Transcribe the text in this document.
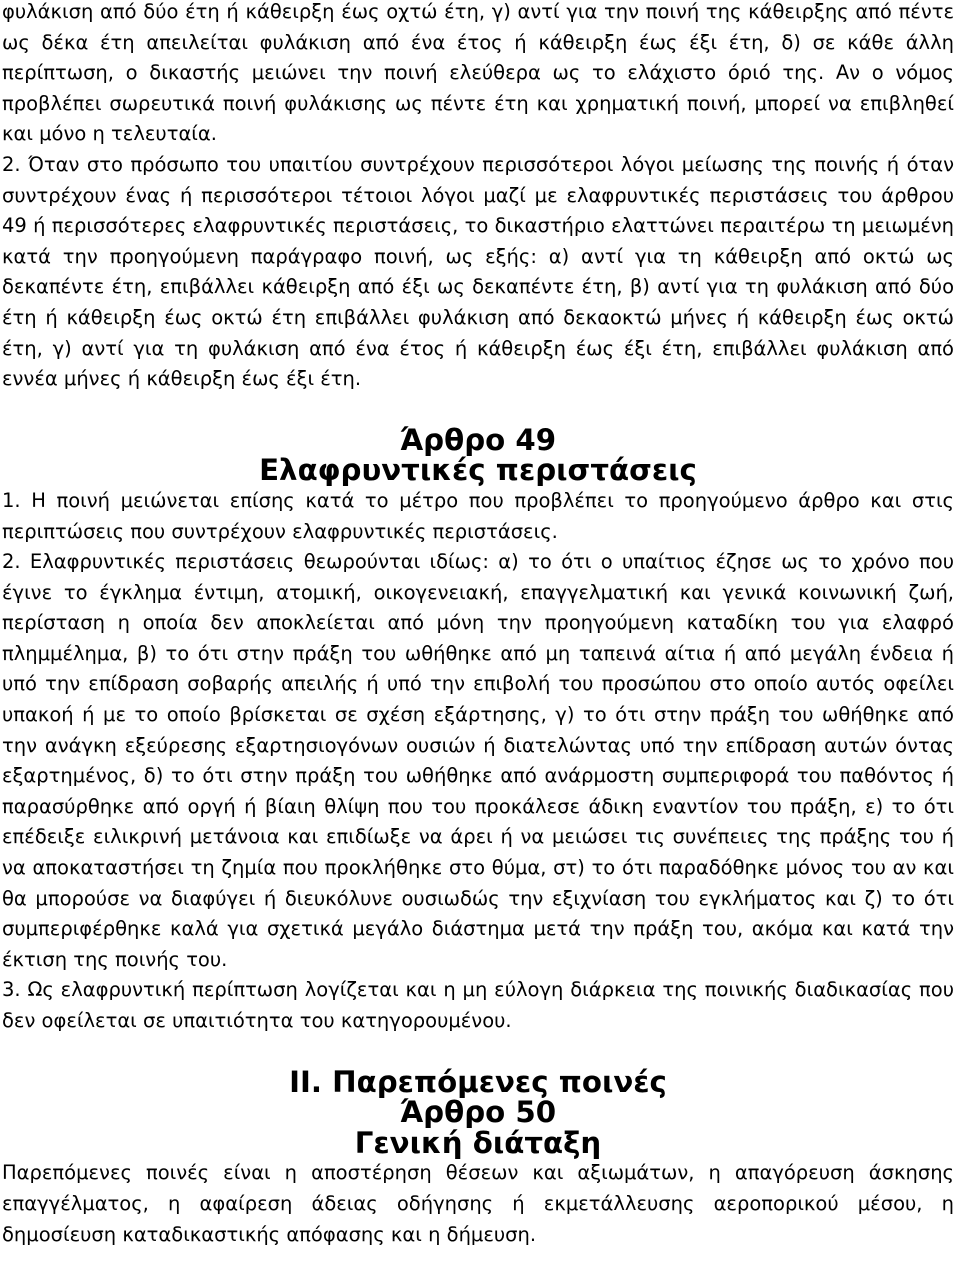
φυλάκιση από δύο έτη ή κάθειρξη έως οχτώ έτη, γ) αντί για την ποινή της κάθειρξης από πέντε ως δέκα έτη απειλείται φυλάκιση από ένα έτος ή κάθειρξη έως έξι έτη, δ) σε κάθε άλλη περίπτωση, ο δικαστής μειώνει την ποινή ελεύθερα ως το ελάχιστο όριό της. Αν ο νόμος προβλέπει σωρευτικά ποινή φυλάκισης ως πέντε έτη και χρηματική ποινή, μπορεί να επιβληθεί και μόνο η τελευταία.

2. Όταν στο πρόσωπο του υπαιτίου συντρέχουν περισσότεροι λόγοι μείωσης της ποινής ή όταν συντρέχουν ένας ή περισσότεροι τέτοιοι λόγοι μαζί με ελαφρυντικές περιστάσεις του άρθρου 49 ή περισσότερες ελαφρυντικές περιστάσεις, το δικαστήριο ελαττώνει περαιτέρω τη μειωμένη κατά την προηγούμενη παράγραφο ποινή, ως εξής: α) αντί για τη κάθειρξη από οκτώ ως δεκαπέντε έτη, επιβάλλει κάθειρξη από έξι ως δεκαπέντε έτη, β) αντί για τη φυλάκιση από δύο έτη ή κάθειρξη έως οκτώ έτη επιβάλλει φυλάκιση από δεκαοκτώ μήνες ή κάθειρξη έως οκτώ έτη, γ) αντί για τη φυλάκιση από ένα έτος ή κάθειρξη έως έξι έτη, επιβάλλει φυλάκιση από εννέα μήνες ή κάθειρξη έως έξι έτη.

Άρθρο 49
Ελαφρυντικές περιστάσεις

1. Η ποινή μειώνεται επίσης κατά το μέτρο που προβλέπει το προηγούμενο άρθρο και στις περιπτώσεις που συντρέχουν ελαφρυντικές περιστάσεις.

2. Ελαφρυντικές περιστάσεις θεωρούνται ιδίως: α) το ότι ο υπαίτιος έζησε ως το χρόνο που έγινε το έγκλημα έντιμη, ατομική, οικογενειακή, επαγγελματική και γενικά κοινωνική ζωή, περίσταση η οποία δεν αποκλείεται από μόνη την προηγούμενη καταδίκη του για ελαφρό πλημμέλημα, β) το ότι στην πράξη του ωθήθηκε από μη ταπεινά αίτια ή από μεγάλη ένδεια ή υπό την επίδραση σοβαρής απειλής ή υπό την επιβολή του προσώπου στο οποίο αυτός οφείλει υπακοή ή με το οποίο βρίσκεται σε σχέση εξάρτησης, γ) το ότι στην πράξη του ωθήθηκε από την ανάγκη εξεύρεσης εξαρτησιογόνων ουσιών ή διατελώντας υπό την επίδραση αυτών όντας εξαρτημένος, δ) το ότι στην πράξη του ωθήθηκε από ανάρμοστη συμπεριφορά του παθόντος ή παρασύρθηκε από οργή ή βίαιη θλίψη που του προκάλεσε άδικη εναντίον του πράξη, ε) το ότι επέδειξε ειλικρινή μετάνοια και επιδίωξε να άρει ή να μειώσει τις συνέπειες της πράξης του ή να αποκαταστήσει τη ζημία που προκλήθηκε στο θύμα, στ) το ότι παραδόθηκε μόνος του αν και θα μπορούσε να διαφύγει ή διευκόλυνε ουσιωδώς την εξιχνίαση του εγκλήματος και ζ) το ότι συμπεριφέρθηκε καλά για σχετικά μεγάλο διάστημα μετά την πράξη του, ακόμα και κατά την έκτιση της ποινής του.

3. Ως ελαφρυντική περίπτωση λογίζεται και η μη εύλογη διάρκεια της ποινικής διαδικασίας που δεν οφείλεται σε υπαιτιότητα του κατηγορουμένου.

ΙΙ. Παρεπόμενες ποινές
Άρθρο 50
Γενική διάταξη

Παρεπόμενες ποινές είναι η αποστέρηση θέσεων και αξιωμάτων, η απαγόρευση άσκησης επαγγέλματος, η αφαίρεση άδειας οδήγησης ή εκμετάλλευσης αεροπορικού μέσου, η δημοσίευση καταδικαστικής απόφασης και η δήμευση.
